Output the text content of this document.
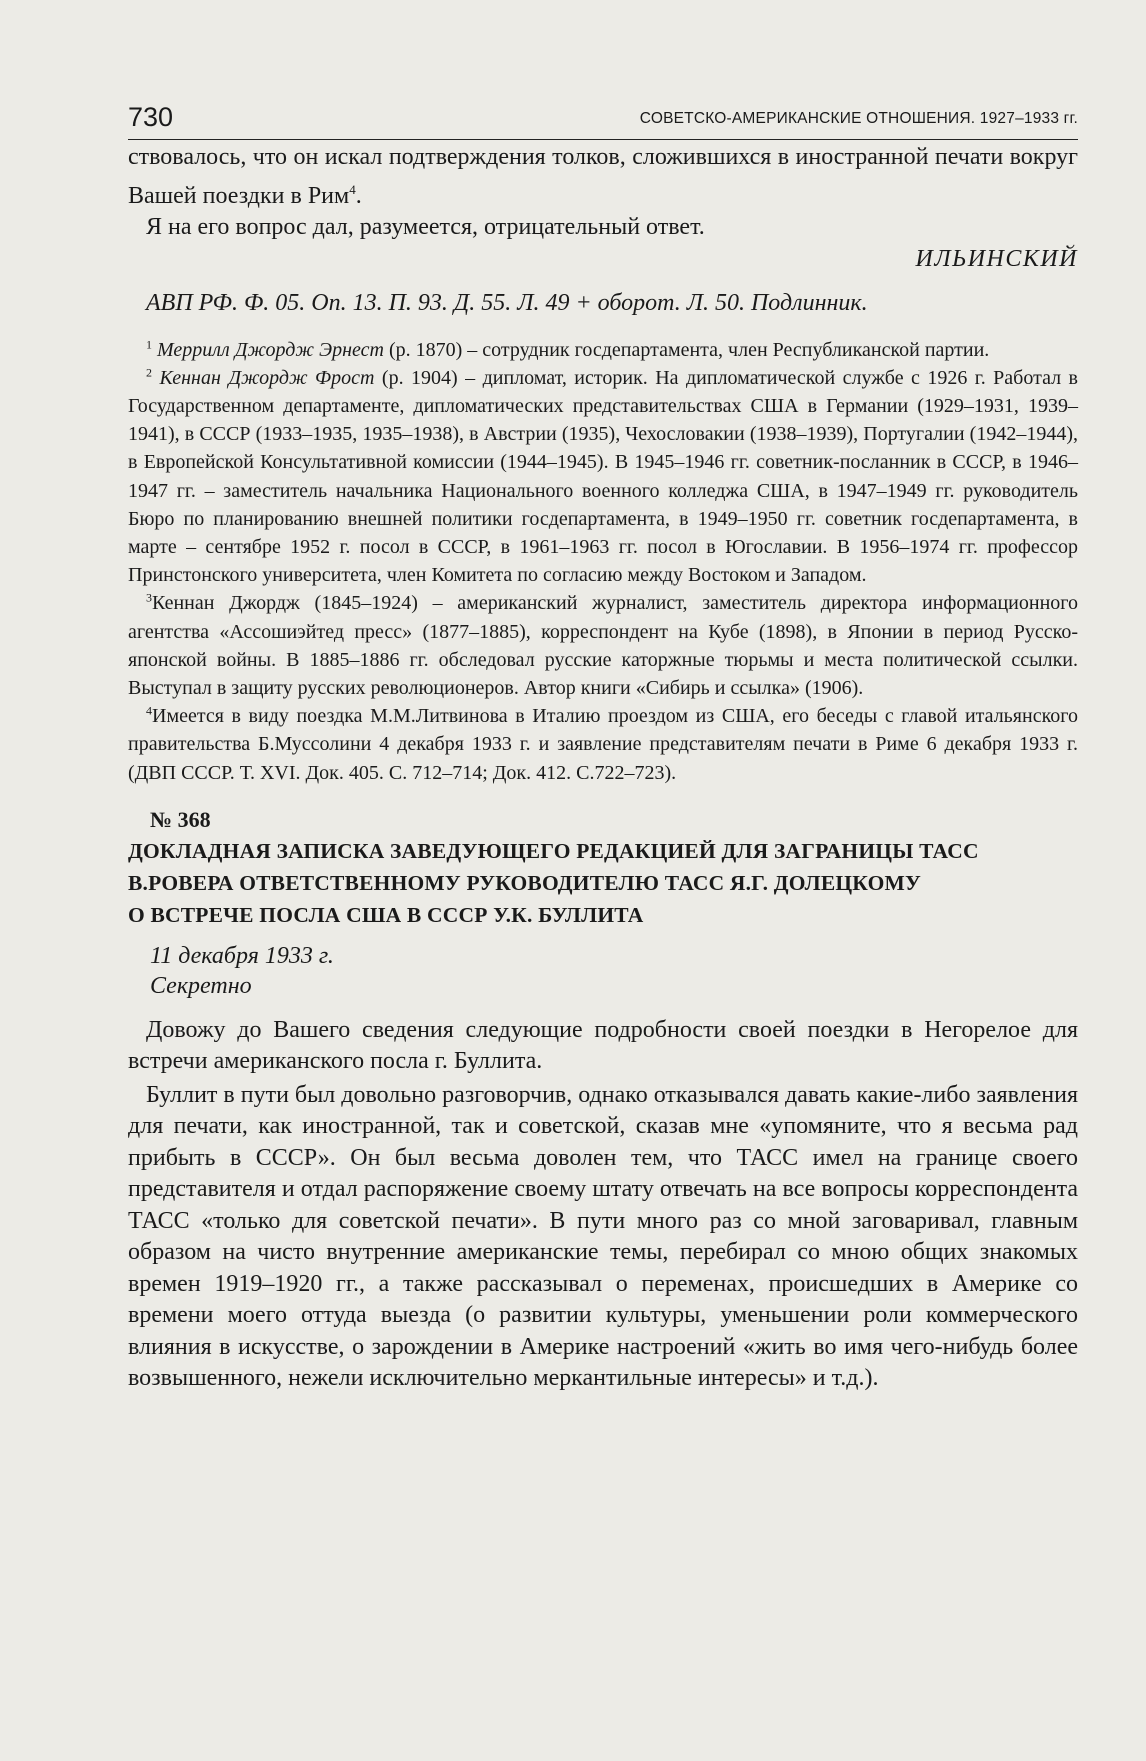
730	СОВЕТСКО-АМЕРИКАНСКИЕ ОТНОШЕНИЯ. 1927–1933 гг.

ствовалось, что он искал подтверждения толков, сложившихся в иностранной печати вокруг Вашей поездки в Рим$^4$.

Я на его вопрос дал, разумеется, отрицательный ответ.

ИЛЬИНСКИЙ

АВП РФ. Ф. 05. Оп. 13. П. 93. Д. 55. Л. 49 + оборот. Л. 50. Подлинник.

$^1$ Меррилл Джордж Эрнест (р. 1870) – сотрудник госдепартамента, член Республиканской партии.

$^2$ Кеннан Джордж Фрост (р. 1904) – дипломат, историк. На дипломатической службе с 1926 г. Работал в Государственном департаменте, дипломатических представительствах США в Германии (1929–1931, 1939–1941), в СССР (1933–1935, 1935–1938), в Австрии (1935), Чехословакии (1938–1939), Португалии (1942–1944), в Европейской Консультативной комиссии (1944–1945). В 1945–1946 гг. советник-посланник в СССР, в 1946–1947 гг. – заместитель начальника Национального военного колледжа США, в 1947–1949 гг. руководитель Бюро по планированию внешней политики госдепартамента, в 1949–1950 гг. советник госдепартамента, в марте – сентябре 1952 г. посол в СССР, в 1961–1963 гг. посол в Югославии. В 1956–1974 гг. профессор Принстонского университета, член Комитета по согласию между Востоком и Западом.

$^3$Кеннан Джордж (1845–1924) – американский журналист, заместитель директора информационного агентства «Ассошиэйтед пресс» (1877–1885), корреспондент на Кубе (1898), в Японии в период Русско-японской войны. В 1885–1886 гг. обследовал русские каторжные тюрьмы и места политической ссылки. Выступал в защиту русских революционеров. Автор книги «Сибирь и ссылка» (1906).

$^4$Имеется в виду поездка М.М.Литвинова в Италию проездом из США, его беседы с главой итальянского правительства Б.Муссолини 4 декабря 1933 г. и заявление представителям печати в Риме 6 декабря 1933 г. (ДВП СССР. Т. XVI. Док. 405. С. 712–714; Док. 412. С.722–723).

№ 368

ДОКЛАДНАЯ ЗАПИСКА ЗАВЕДУЮЩЕГО РЕДАКЦИЕЙ ДЛЯ ЗАГРАНИЦЫ ТАСС
В.РОВЕРА ОТВЕТСТВЕННОМУ РУКОВОДИТЕЛЮ ТАСС Я.Г. ДОЛЕЦКОМУ
О ВСТРЕЧЕ ПОСЛА США В СССР У.К. БУЛЛИТА

11 декабря 1933 г.

Секретно

Довожу до Вашего сведения следующие подробности своей поездки в Негорелое для встречи американского посла г. Буллита.

Буллит в пути был довольно разговорчив, однако отказывался давать какие-либо заявления для печати, как иностранной, так и советской, сказав мне «упомяните, что я весьма рад прибыть в СССР». Он был весьма доволен тем, что ТАСС имел на границе своего представителя и отдал распоряжение своему штату отвечать на все вопросы корреспондента ТАСС «только для советской печати». В пути много раз со мной заговаривал, главным образом на чисто внутренние американские темы, перебирал со мною общих знакомых времен 1919–1920 гг., а также рассказывал о переменах, происшедших в Америке со времени моего оттуда выезда (о развитии культуры, уменьшении роли коммерческого влияния в искусстве, о зарождении в Америке настроений «жить во имя чего-нибудь более возвышенного, нежели исключительно меркантильные интересы» и т.д.).
